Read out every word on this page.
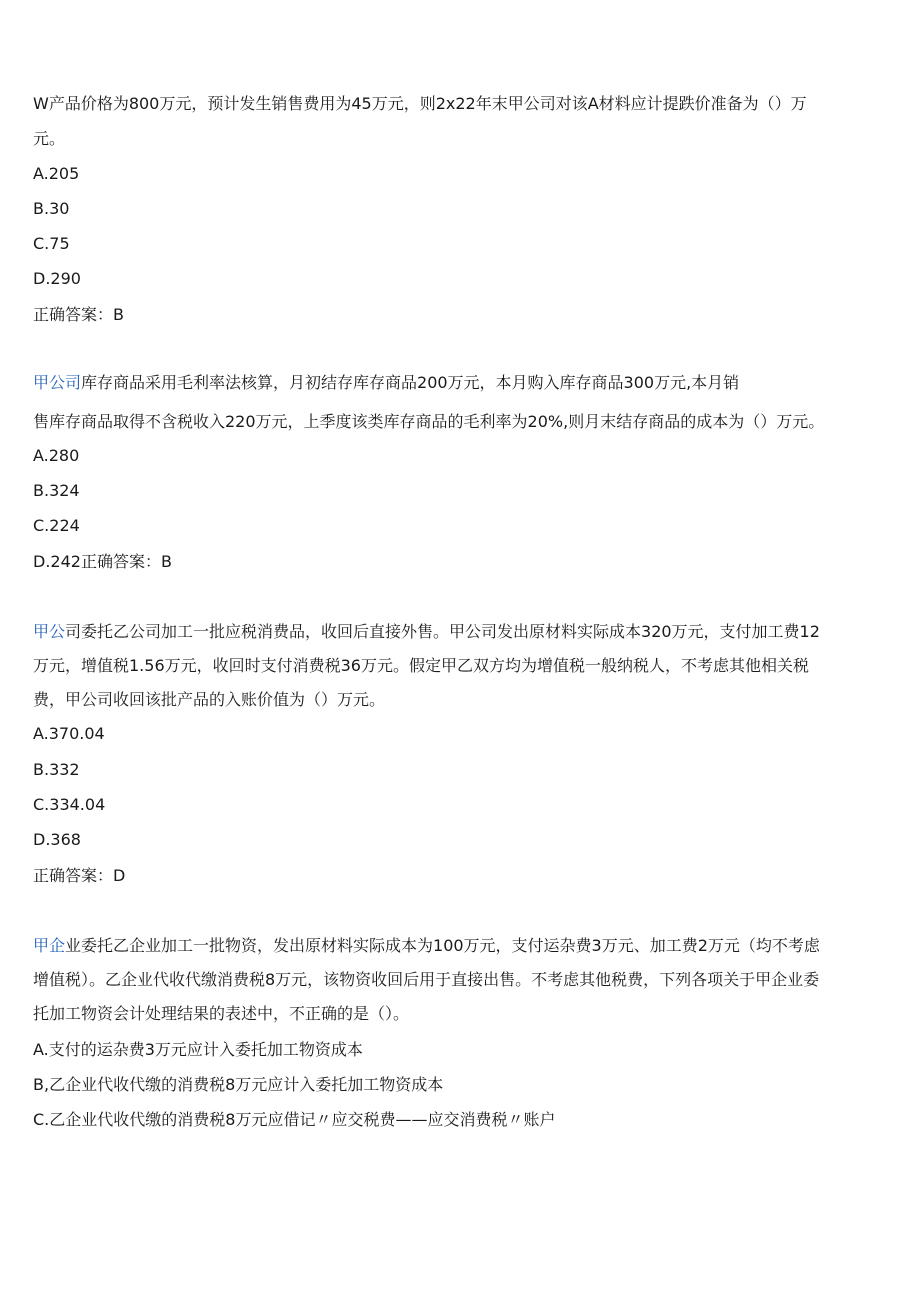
W产品价格为800万元，预计发生销售费用为45万元，则2x22年末甲公司对该A材料应计提跌价准备为（）万
元。
A.205
B.30
C.75
D.290
正确答案：B
甲公司库存商品采用毛利率法核算，月初结存库存商品200万元，本月购入库存商品300万元,本月销
售库存商品取得不含税收入220万元，上季度该类库存商品的毛利率为20%,则月末结存商品的成本为（）万元。
A.280
B.324
C.224
D.242正确答案：B
甲公司委托乙公司加工一批应税消费品，收回后直接外售。甲公司发出原材料实际成本320万元，支付加工费12
万元，增值税1.56万元，收回时支付消费税36万元。假定甲乙双方均为增值税一般纳税人，不考虑其他相关税
费，甲公司收回该批产品的入账价值为（）万元。
A.370.04
B.332
C.334.04
D.368
正确答案：D
甲企业委托乙企业加工一批物资，发出原材料实际成本为100万元，支付运杂费3万元、加工费2万元（均不考虑
增值税）。乙企业代收代缴消费税8万元，该物资收回后用于直接出售。不考虑其他税费，下列各项关于甲企业委
托加工物资会计处理结果的表述中，不正确的是（）。
A.支付的运杂费3万元应计入委托加工物资成本
B,乙企业代收代缴的消费税8万元应计入委托加工物资成本
C.乙企业代收代缴的消费税8万元应借记〃应交税费——应交消费税〃账户
